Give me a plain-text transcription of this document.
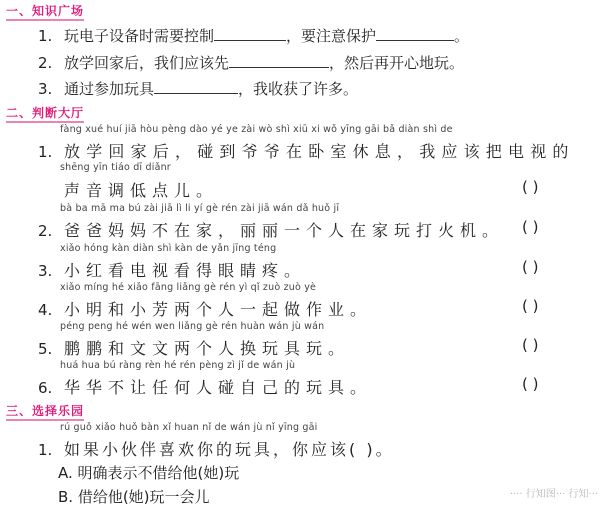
一、知识广场
1. 玩电子设备时需要控制	，要注意保护	。
2. 放学回家后，我们应该先	，然后再开心地玩。
3. 通过参加玩具	，我收获了许多。
二、判断大厅
fàng xué huí jiā hòu pèng dào yé ye zài wò shì xiū xi wǒ yīng gāi bǎ diàn shì de
1. 放学回家后，碰到爷爷在卧室休息，我应该把电视的
shēng yīn tiáo dī diǎnr
声音调低点儿。	( )
bà ba mā ma bú zài jiā lì li yí gè rén zài jiā wán dǎ huǒ jī
2. 爸爸妈妈不在家，丽丽一个人在家玩打火机。 ( )
xiǎo hóng kàn diàn shì kàn de yǎn jīng téng
3. 小红看电视看得眼睛疼。	( )
xiǎo míng hé xiǎo fāng liǎng gè rén yì qǐ zuò zuò yè
4. 小明和小芳两个人一起做作业。	( )
péng peng hé wén wen liǎng gè rén huàn wán jù wán
5. 鹏鹏和文文两个人换玩具玩。	( )
huá hua bú ràng rèn hé rén pèng zì jǐ de wán jù
6. 华华不让任何人碰自己的玩具。	( )
三、选择乐园
rú guǒ xiǎo huǒ bàn xǐ huan nǐ de wán jù nǐ yīng gāi
1. 如果小伙伴喜欢你的玩具，你应该( )。
A. 明确表示不借给他(她)玩
B. 借给他(她)玩一会儿	···· 行知图··· 行知···
